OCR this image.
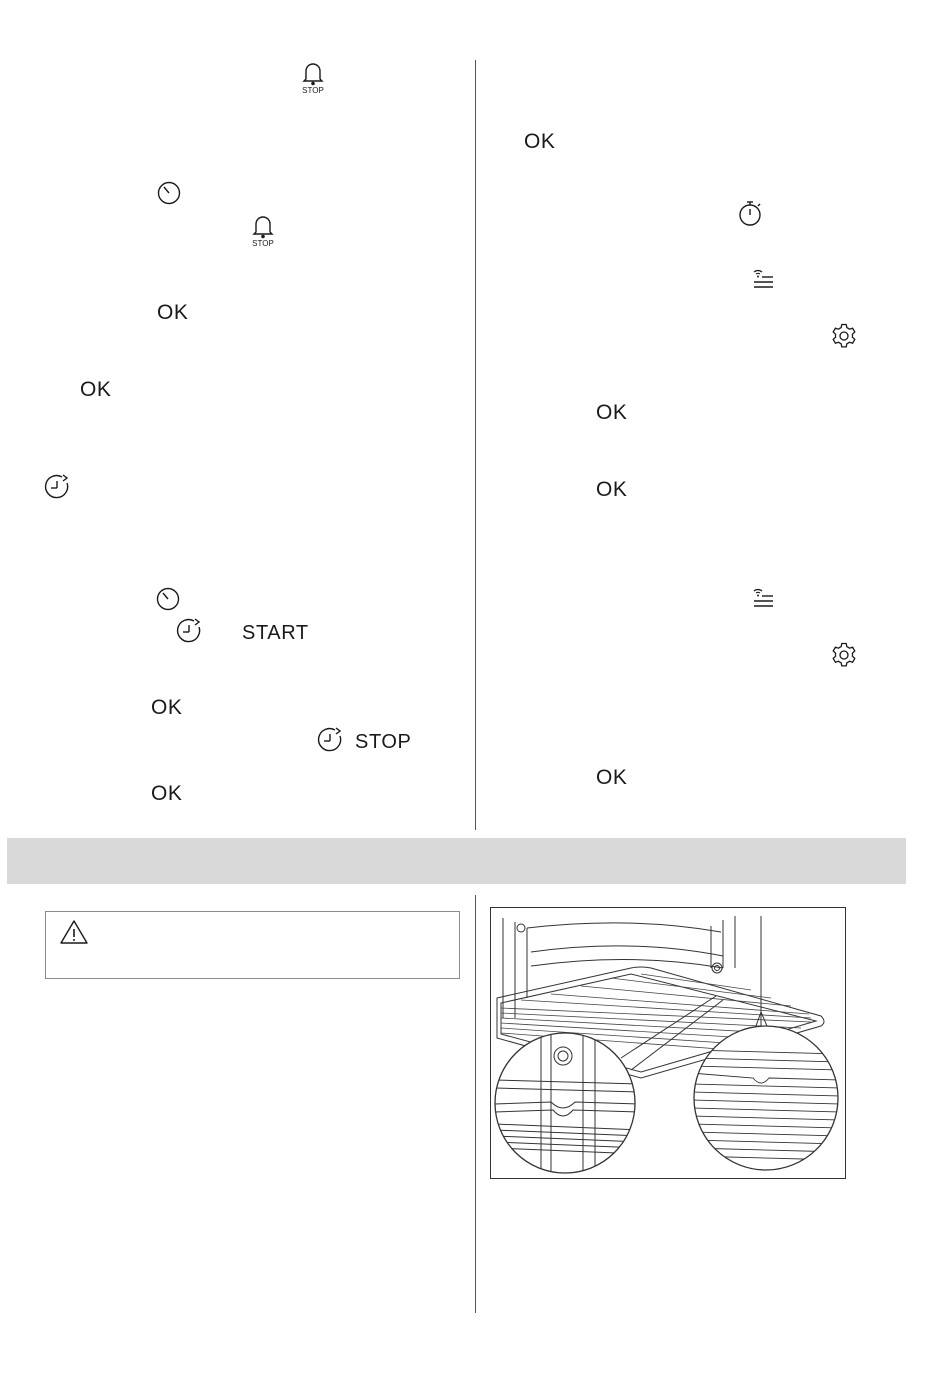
STOP
STOP
OK
OK
START
OK
STOP
OK
OK
OK
OK
OK
